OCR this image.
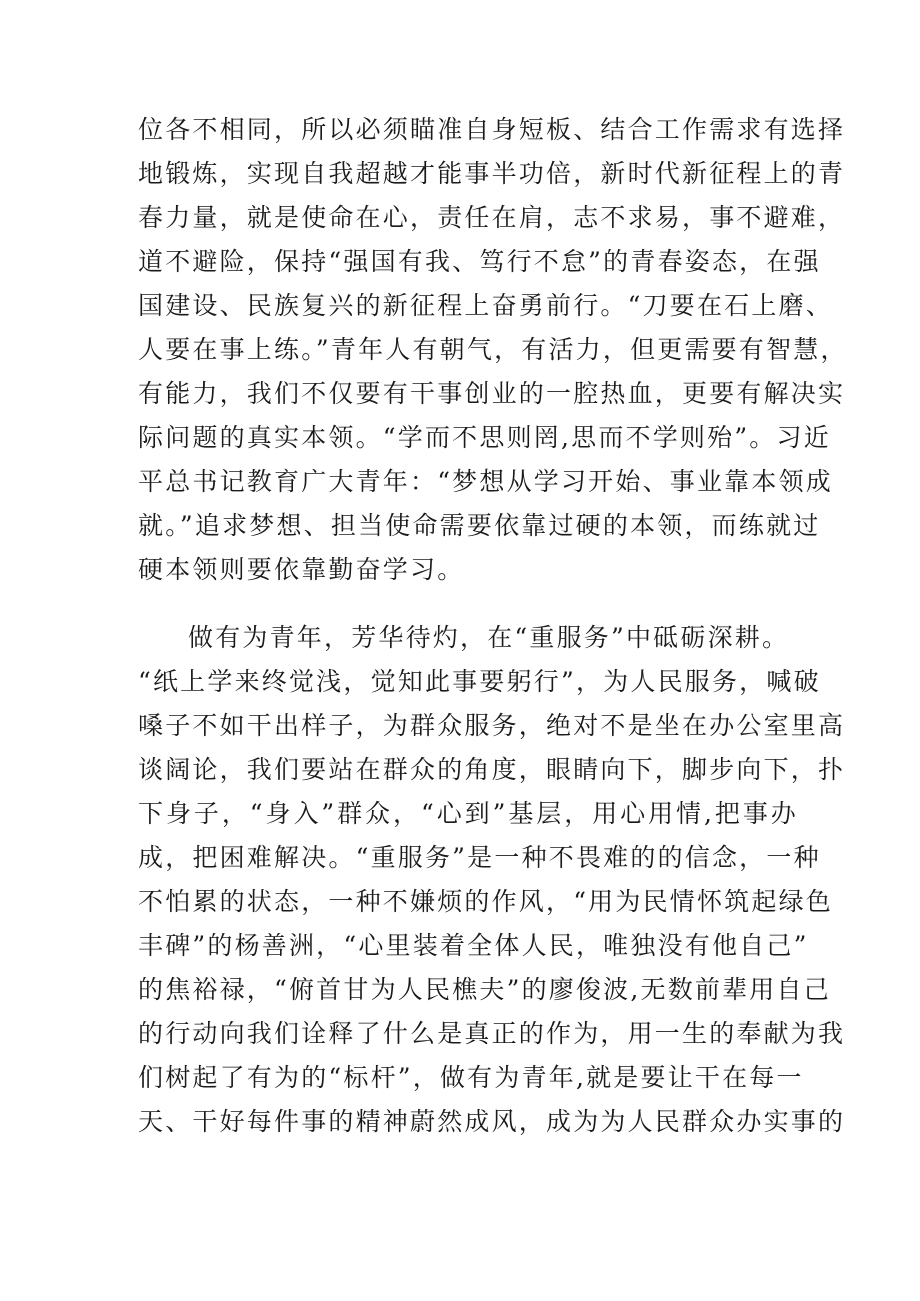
位各不相同，所以必须瞄准自身短板、结合工作需求有选择
地锻炼，实现自我超越才能事半功倍，新时代新征程上的青
春力量，就是使命在心，责任在肩，志不求易，事不避难，
道不避险，保持“强国有我、笃行不怠”的青春姿态，在强
国建设、民族复兴的新征程上奋勇前行。“刀要在石上磨、
人要在事上练。”青年人有朝气，有活力，但更需要有智慧，
有能力，我们不仅要有干事创业的一腔热血，更要有解决实
际问题的真实本领。“学而不思则罔,思而不学则殆”。习近
平总书记教育广大青年：“梦想从学习开始、事业靠本领成
就。”追求梦想、担当使命需要依靠过硬的本领，而练就过
硬本领则要依靠勤奋学习。
做有为青年，芳华待灼，在“重服务”中砥砺深耕。
“纸上学来终觉浅，觉知此事要躬行”，为人民服务，喊破
嗓子不如干出样子，为群众服务，绝对不是坐在办公室里高
谈阔论，我们要站在群众的角度，眼睛向下，脚步向下，扑
下身子，“身入”群众，“心到”基层，用心用情,把事办
成，把困难解决。“重服务”是一种不畏难的的信念，一种
不怕累的状态，一种不嫌烦的作风，“用为民情怀筑起绿色
丰碑”的杨善洲，“心里装着全体人民，唯独没有他自己”
的焦裕禄，“俯首甘为人民樵夫”的廖俊波,无数前辈用自己
的行动向我们诠释了什么是真正的作为，用一生的奉献为我
们树起了有为的“标杆”，做有为青年,就是要让干在每一
天、干好每件事的精神蔚然成风，成为为人民群众办实事的
